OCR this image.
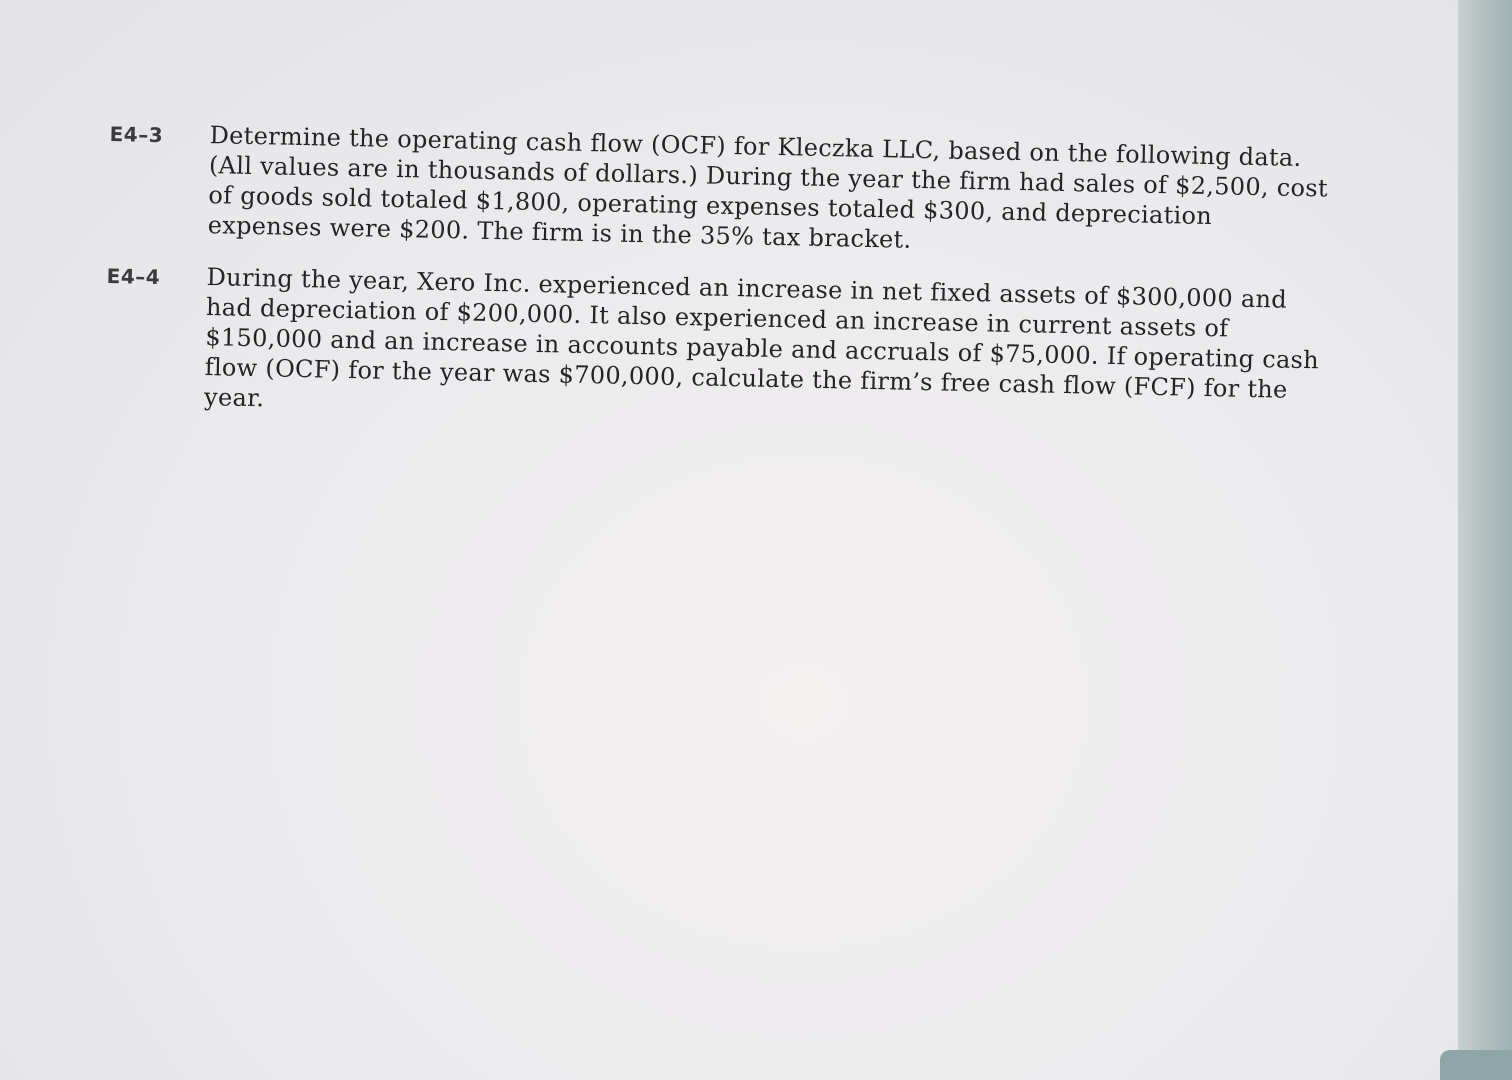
E4–3	Determine the operating cash flow (OCF) for Kleczka LLC, based on the following data. (All values are in thousands of dollars.) During the year the firm had sales of $2,500, cost of goods sold totaled $1,800, operating expenses totaled $300, and depreciation expenses were $200. The firm is in the 35% tax bracket.

E4–4	During the year, Xero Inc. experienced an increase in net fixed assets of $300,000 and had depreciation of $200,000. It also experienced an increase in current assets of $150,000 and an increase in accounts payable and accruals of $75,000. If operating cash flow (OCF) for the year was $700,000, calculate the firm’s free cash flow (FCF) for the year.
